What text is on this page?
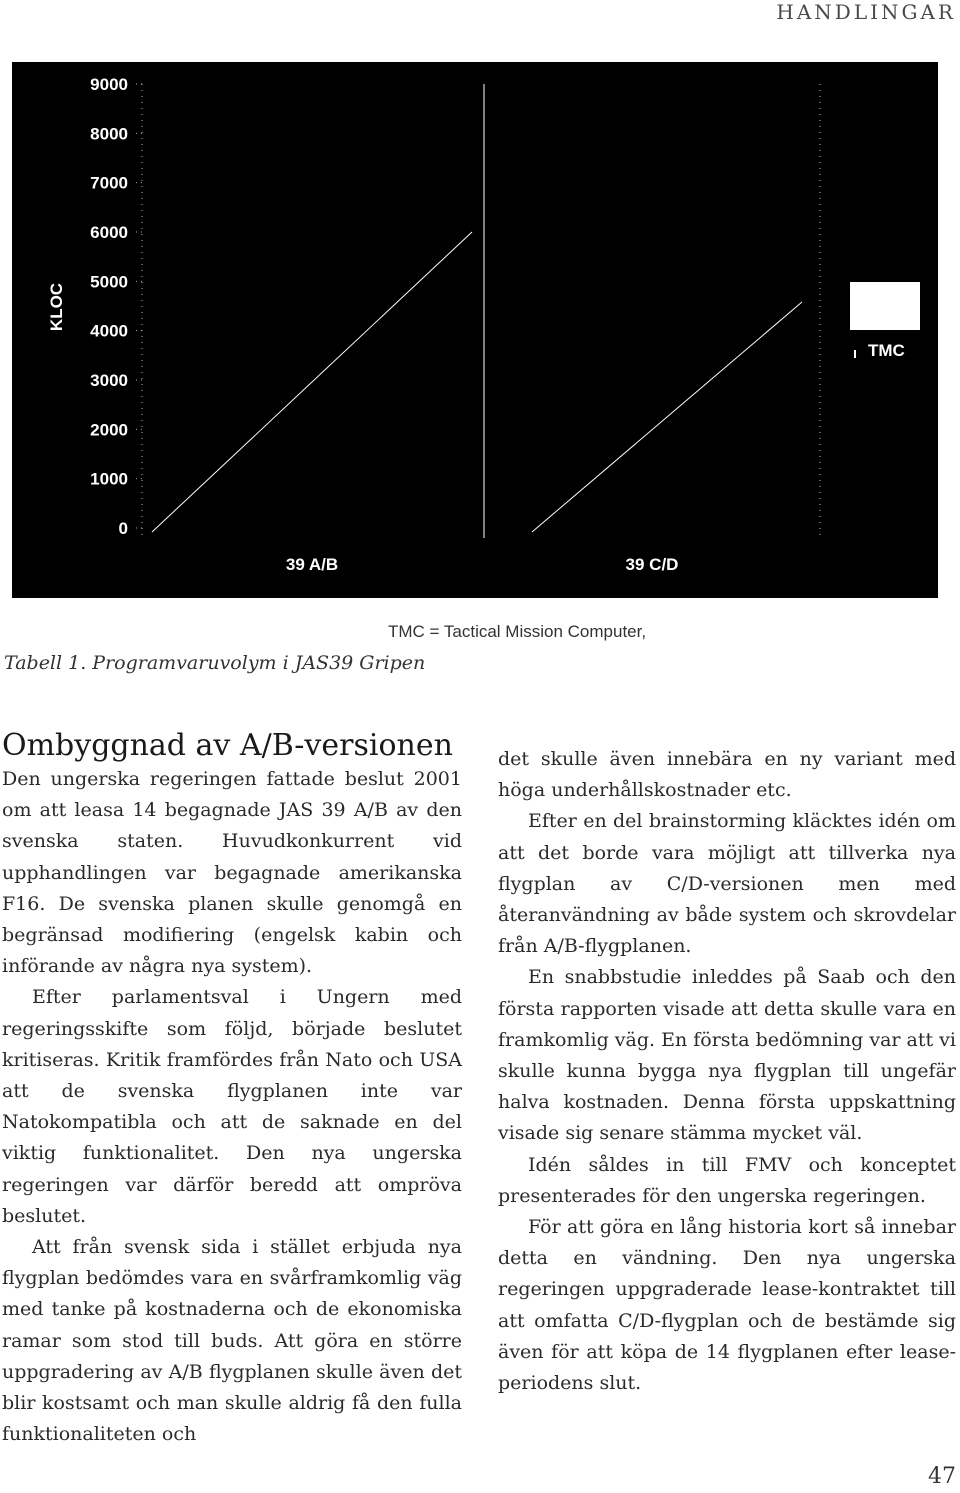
HANDLINGAR
KLOC
0
1000
2000
3000
4000
5000
6000
7000
8000
9000
39 A/B	39 C/D
TMC
TMC = Tactical Mission Computer,
Tabell 1. Programvaruvolym i JAS39 Gripen
Ombyggnad av A/B-versionen

Den ungerska regeringen fattade beslut 2001 om att leasa 14 begagnade JAS 39 A/B av den svenska staten. Huvudkonkurrent vid upphandlingen var begagnade amerikanska F16. De svenska planen skulle genomgå en begränsad modifiering (engelsk kabin och införande av några nya system).

Efter parlamentsval i Ungern med regeringsskifte som följd, började beslutet kritiseras. Kritik framfördes från Nato och USA att de svenska flygplanen inte var Natokompatibla och att de saknade en del viktig funktionalitet. Den nya ungerska regeringen var därför beredd att ompröva beslutet.

Att från svensk sida i stället erbjuda nya flygplan bedömdes vara en svårframkomlig väg med tanke på kostnaderna och de ekonomiska ramar som stod till buds. Att göra en större uppgradering av A/B flygplanen skulle även det blir kostsamt och man skulle aldrig få den fulla funktionaliteten och

det skulle även innebära en ny variant med höga underhållskostnader etc.

Efter en del brainstorming kläcktes idén om att det borde vara möjligt att tillverka nya flygplan av C/D-versionen men med återanvändning av både system och skrovdelar från A/B-flygplanen.

En snabbstudie inleddes på Saab och den första rapporten visade att detta skulle vara en framkomlig väg. En första bedömning var att vi skulle kunna bygga nya flygplan till ungefär halva kostnaden. Denna första uppskattning visade sig senare stämma mycket väl.

Idén såldes in till FMV och konceptet presenterades för den ungerska regeringen.

För att göra en lång historia kort så innebar detta en vändning. Den nya ungerska regeringen uppgraderade lease-kontraktet till att omfatta C/D-flygplan och de bestämde sig även för att köpa de 14 flygplanen efter lease-periodens slut.

47
